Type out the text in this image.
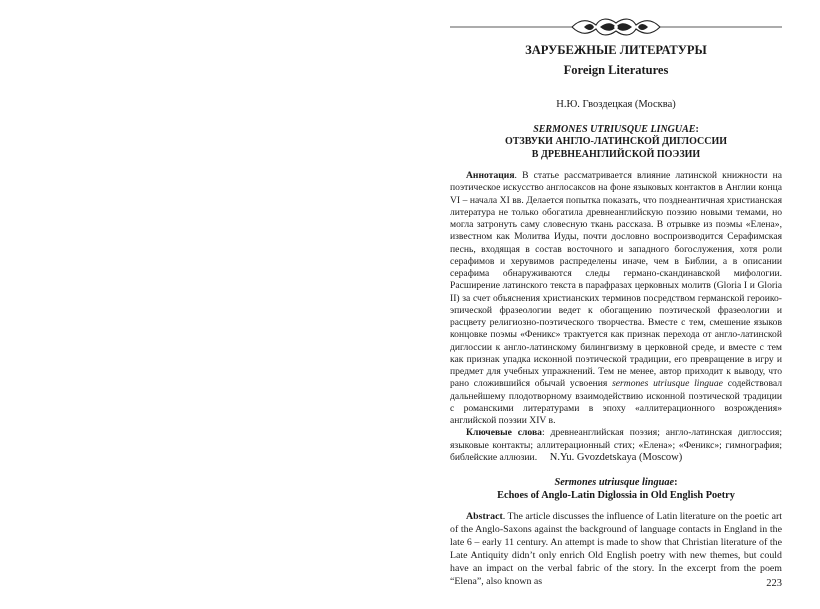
ЗАРУБЕЖНЫЕ ЛИТЕРАТУРЫ
Foreign Literatures
Н.Ю. Гвоздецкая (Москва)
SERMONES UTRIUSQUE LINGUAE:
ОТЗВУКИ АНГЛО-ЛАТИНСКОЙ ДИГЛОССИИ
В ДРЕВНЕАНГЛИЙСКОЙ ПОЭЗИИ

Аннотация. В статье рассматривается влияние латинской книжности на поэтическое искусство англосаксов на фоне языковых контактов в Англии конца VI – начала XI вв. Делается попытка показать, что позднеантичная христианская литература не только обогатила древнеанглийскую поэзию новыми темами, но могла затронуть саму словесную ткань рассказа. В отрывке из поэмы «Елена», известном как Молитва Иуды, почти дословно воспроизводится Серафимская песнь, входящая в состав восточного и западного богослужения, хотя роли серафимов и херувимов распределены иначе, чем в Библии, а в описании серафима обнаруживаются следы германо-скандинавской мифологии. Расширение латинского текста в парафразах церковных молитв (Gloria I и Gloria II) за счет объяснения христианских терминов посредством германской героико-эпической фразеологии ведет к обогащению поэтической фразеологии и расцвету религиозно-поэтического творчества. Вместе с тем, смешение языков концовке поэмы «Феникс» трактуется как признак перехода от англо-латинской диглоссии к англо-латинскому билингвизму в церковной среде, и вместе с тем как признак упадка исконной поэтической традиции, его превращение в игру и предмет для учебных упражнений. Тем не менее, автор приходит к выводу, что рано сложившийся обычай усвоения sermones utriusque linguae содействовал дальнейшему плодотворному взаимодействию исконной поэтической традиции с романскими литературами в эпоху «аллитерационного возрождения» английской поэзии XIV в.

Ключевые слова: древнеанглийская поэзия; англо-латинская диглоссия; языковые контакты; аллитерационный стих; «Елена»; «Феникс»; гимнография; библейские аллюзии.	N.Yu. Gvozdetskaya (Moscow)
Sermones utriusque linguae:
Echoes of Anglo-Latin Diglossia in Old English Poetry

Abstract. The article discusses the influence of Latin literature on the poetic art of the Anglo-Saxons against the background of language contacts in England in the late 6 – early 11 century. An attempt is made to show that Christian literature of the Late Antiquity didn’t only enrich Old English poetry with new themes, but could have an impact on the verbal fabric of the story. In the excerpt from the poem “Elena”, also known as	223
